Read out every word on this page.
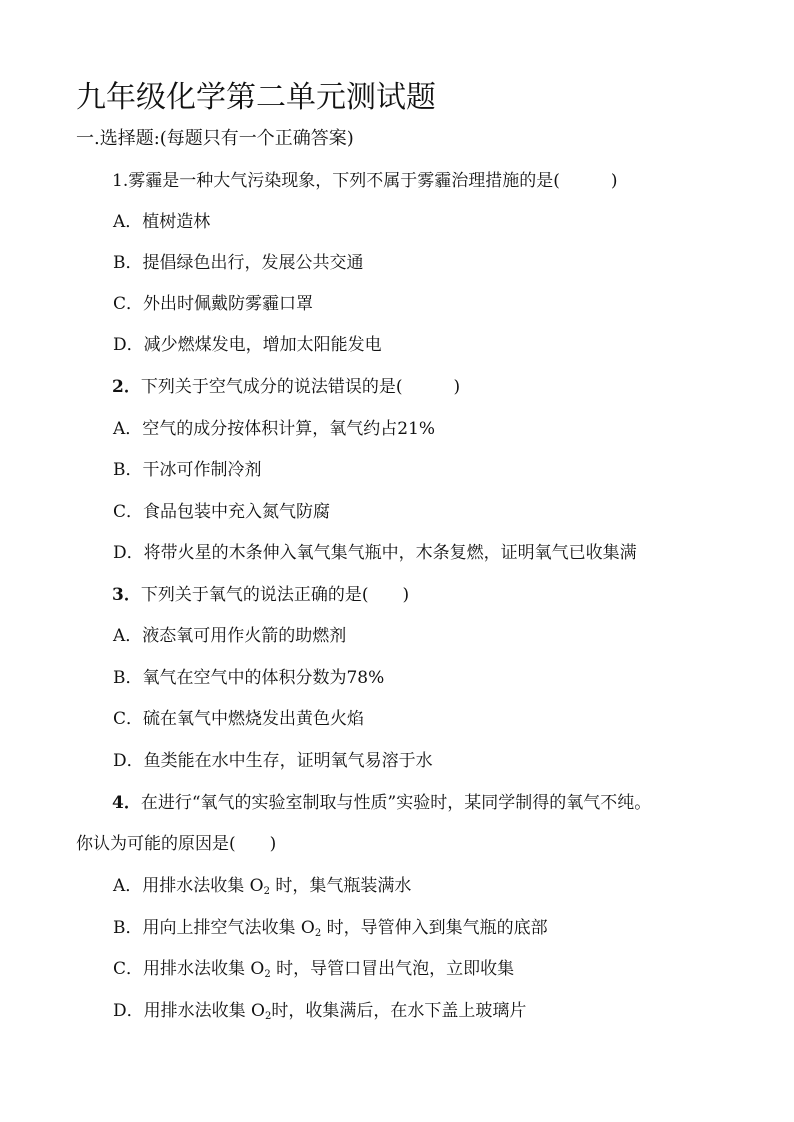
九年级化学第二单元测试题
一.选择题:(每题只有一个正确答案)
1.雾霾是一种大气污染现象，下列不属于雾霾治理措施的是(　　　)
A．植树造林
B．提倡绿色出行，发展公共交通
C．外出时佩戴防雾霾口罩
D．减少燃煤发电，增加太阳能发电
2．下列关于空气成分的说法错误的是(　　　)
A．空气的成分按体积计算，氧气约占21%
B．干冰可作制冷剂
C．食品包装中充入氮气防腐
D．将带火星的木条伸入氧气集气瓶中，木条复燃，证明氧气已收集满
3．下列关于氧气的说法正确的是(　　)
A．液态氧可用作火箭的助燃剂
B．氧气在空气中的体积分数为78%
C．硫在氧气中燃烧发出黄色火焰
D．鱼类能在水中生存，证明氧气易溶于水
4．在进行“氧气的实验室制取与性质”实验时，某同学制得的氧气不纯。
你认为可能的原因是(　　)
A．用排水法收集 $O_2$ 时，集气瓶装满水
B．用向上排空气法收集 $O_2$ 时，导管伸入到集气瓶的底部
C．用排水法收集 $O_2$ 时，导管口冒出气泡，立即收集
D．用排水法收集 $O_2$时，收集满后，在水下盖上玻璃片
